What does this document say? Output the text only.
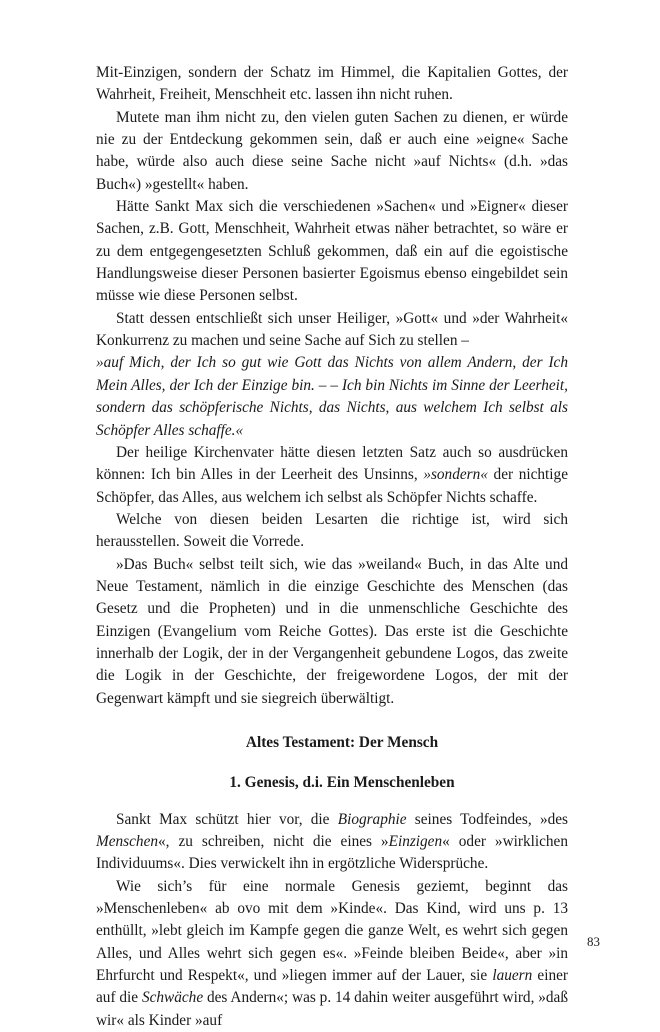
Mit-Einzigen, sondern der Schatz im Himmel, die Kapitalien Gottes, der Wahrheit, Freiheit, Menschheit etc. lassen ihn nicht ruhen.

Mutete man ihm nicht zu, den vielen guten Sachen zu dienen, er würde nie zu der Entdeckung gekommen sein, daß er auch eine »eigne« Sache habe, würde also auch diese seine Sache nicht »auf Nichts« (d.h. »das Buch«) »gestellt« haben.

Hätte Sankt Max sich die verschiedenen »Sachen« und »Eigner« dieser Sachen, z.B. Gott, Menschheit, Wahrheit etwas näher betrachtet, so wäre er zu dem entgegengesetzten Schluß gekommen, daß ein auf die egoistische Handlungsweise dieser Personen basierter Egoismus ebenso eingebildet sein müsse wie diese Personen selbst.

Statt dessen entschließt sich unser Heiliger, »Gott« und »der Wahrheit« Konkurrenz zu machen und seine Sache auf Sich zu stellen –

»auf Mich, der Ich so gut wie Gott das Nichts von allem Andern, der Ich Mein Alles, der Ich der Einzige bin. – – Ich bin Nichts im Sinne der Leerheit, sondern das schöpferische Nichts, das Nichts, aus welchem Ich selbst als Schöpfer Alles schaffe.«

Der heilige Kirchenvater hätte diesen letzten Satz auch so ausdrücken können: Ich bin Alles in der Leerheit des Unsinns, »sondern« der nichtige Schöpfer, das Alles, aus welchem ich selbst als Schöpfer Nichts schaffe.

Welche von diesen beiden Lesarten die richtige ist, wird sich herausstellen. Soweit die Vorrede.

»Das Buch« selbst teilt sich, wie das »weiland« Buch, in das Alte und Neue Testament, nämlich in die einzige Geschichte des Menschen (das Gesetz und die Propheten) und in die unmenschliche Geschichte des Einzigen (Evangelium vom Reiche Gottes). Das erste ist die Geschichte innerhalb der Logik, der in der Vergangenheit gebundene Logos, das zweite die Logik in der Geschichte, der freigewordene Logos, der mit der Gegenwart kämpft und sie siegreich überwältigt.

Altes Testament: Der Mensch

1. Genesis, d.i. Ein Menschenleben

Sankt Max schützt hier vor, die Biographie seines Todfeindes, »des Menschen«, zu schreiben, nicht die eines »Einzigen« oder »wirklichen Individuums«. Dies verwickelt ihn in ergötzliche Widersprüche.

Wie sich’s für eine normale Genesis geziemt, beginnt das »Menschenleben« ab ovo mit dem »Kinde«. Das Kind, wird uns p. 13 enthüllt, »lebt gleich im Kampfe gegen die ganze Welt, es wehrt sich gegen Alles, und Alles wehrt sich gegen es«. »Feinde bleiben Beide«, aber »in Ehrfurcht und Respekt«, und »liegen immer auf der Lauer, sie lauern einer auf die Schwäche des Andern«; was p. 14 dahin weiter ausgeführt wird, »daß wir« als Kinder »auf

83
